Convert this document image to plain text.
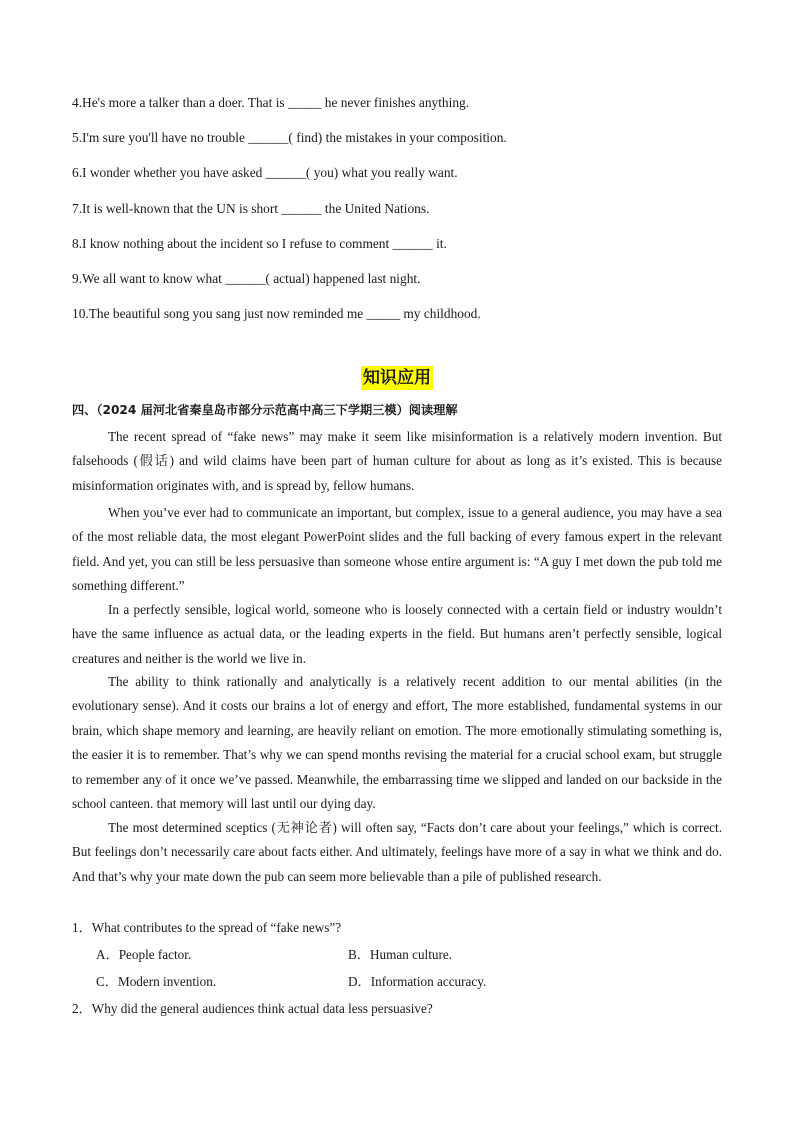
4.He's more a talker than a doer. That is _____ he never finishes anything.
5.I'm sure you'll have no trouble ______( find) the mistakes in your composition.
6.I wonder whether you have asked ______( you) what you really want.
7.It is well-known that the UN is short ______ the United Nations.
8.I know nothing about the incident so I refuse to comment ______ it.
9.We all want to know what ______( actual) happened last night.
10.The beautiful song you sang just now reminded me _____ my childhood.
知识应用
四、（2024 届河北省秦皇岛市部分示范高中高三下学期三模）阅读理解

The recent spread of “fake news” may make it seem like misinformation is a relatively modern invention. But falsehoods (假话) and wild claims have been part of human culture for about as long as it’s existed. This is because misinformation originates with, and is spread by, fellow humans.

When you’ve ever had to communicate an important, but complex, issue to a general audience, you may have a sea of the most reliable data, the most elegant PowerPoint slides and the full backing of every famous expert in the relevant field. And yet, you can still be less persuasive than someone whose entire argument is: “A guy I met down the pub told me something different.”

In a perfectly sensible, logical world, someone who is loosely connected with a certain field or industry wouldn’t have the same influence as actual data, or the leading experts in the field. But humans aren’t perfectly sensible, logical creatures and neither is the world we live in.

The ability to think rationally and analytically is a relatively recent addition to our mental abilities (in the evolutionary sense). And it costs our brains a lot of energy and effort, The more established, fundamental systems in our brain, which shape memory and learning, are heavily reliant on emotion. The more emotionally stimulating something is, the easier it is to remember. That’s why we can spend months revising the material for a crucial school exam, but struggle to remember any of it once we’ve passed. Meanwhile, the embarrassing time we slipped and landed on our backside in the school canteen. that memory will last until our dying day.

The most determined sceptics (无神论者) will often say, “Facts don’t care about your feelings,” which is correct. But feelings don’t necessarily care about facts either. And ultimately, feelings have more of a say in what we think and do. And that’s why your mate down the pub can seem more believable than a pile of published research.

1．What contributes to the spread of “fake news”?
A．People factor.	B．Human culture.
C．Modern invention.	D．Information accuracy.
2．Why did the general audiences think actual data less persuasive?
